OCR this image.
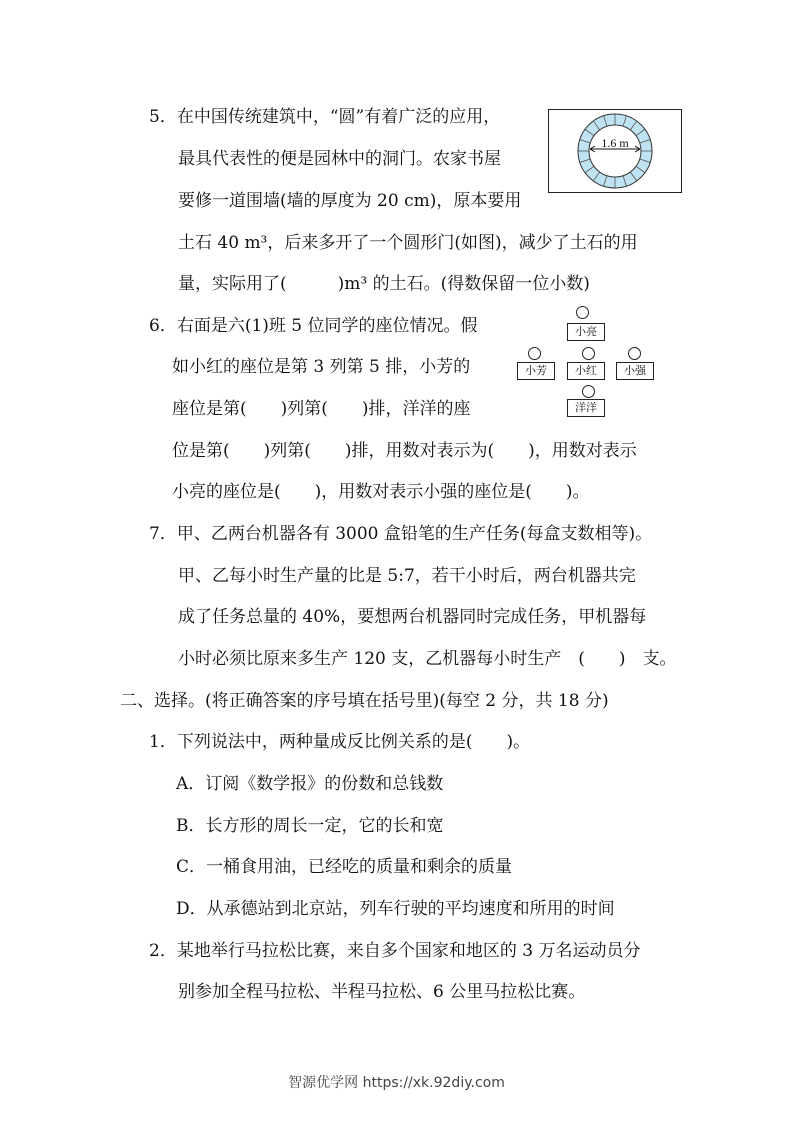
5．在中国传统建筑中，“圆”有着广泛的应用，

最具代表性的便是园林中的洞门。农家书屋

要修一道围墙(墙的厚度为 20 cm)，原本要用

土石 40 m³，后来多开了一个圆形门(如图)，减少了土石的用

量，实际用了(　　　)m³ 的土石。(得数保留一位小数)

6．右面是六(1)班 5 位同学的座位情况。假

如小红的座位是第 3 列第 5 排，小芳的

座位是第(　　)列第(　　)排，洋洋的座

位是第(　　)列第(　　)排，用数对表示为(　　)，用数对表示

小亮的座位是(　　)，用数对表示小强的座位是(　　)。

7．甲、乙两台机器各有 3000 盒铅笔的生产任务(每盒支数相等)。

甲、乙每小时生产量的比是 5:7，若干小时后，两台机器共完

成了任务总量的 40%，要想两台机器同时完成任务，甲机器每

小时必须比原来多生产 120 支，乙机器每小时生产　(　　)　支。

二、选择。(将正确答案的序号填在括号里)(每空 2 分，共 18 分)

1．下列说法中，两种量成反比例关系的是(　　)。

A．订阅《数学报》的份数和总钱数

B．长方形的周长一定，它的长和宽

C．一桶食用油，已经吃的质量和剩余的质量

D．从承德站到北京站，列车行驶的平均速度和所用的时间

2．某地举行马拉松比赛，来自多个国家和地区的 3 万名运动员分

别参加全程马拉松、半程马拉松、6 公里马拉松比赛。

1.6 m
小亮
小芳	小红	小强
洋洋
智源优学网 https://xk.92diy.com
